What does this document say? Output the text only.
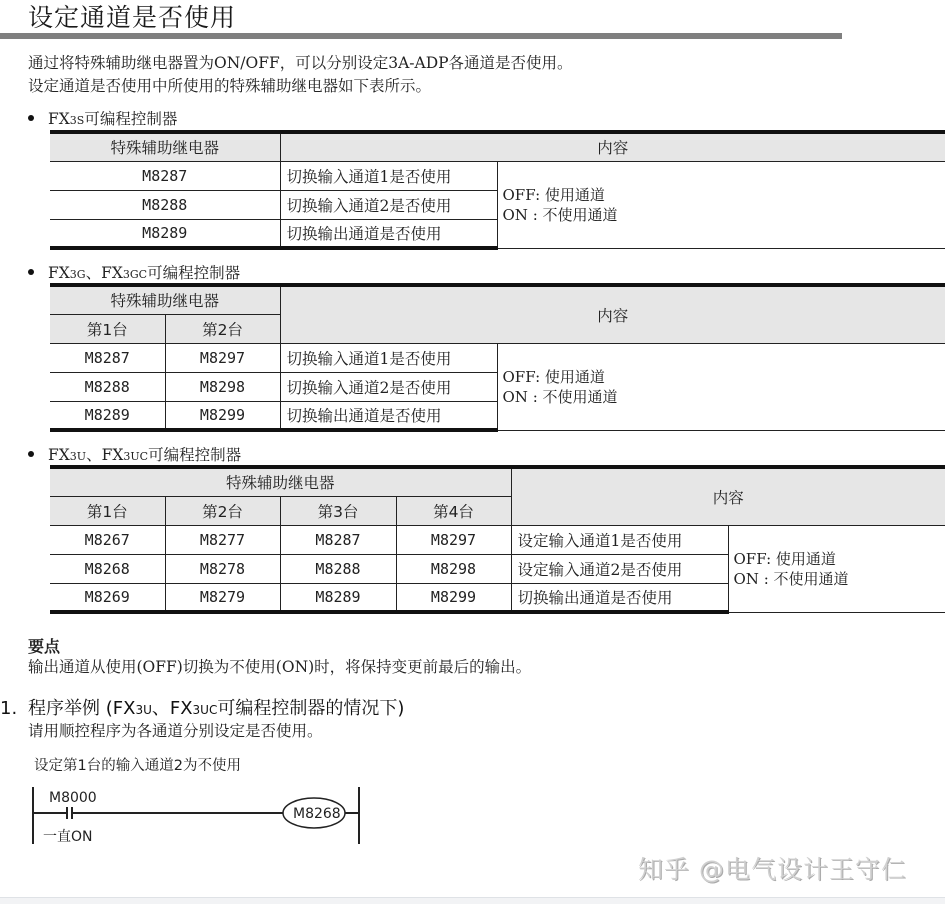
设定通道是否使用
通过将特殊辅助继电器置为ON/OFF，可以分别设定3A-ADP各通道是否使用。
设定通道是否使用中所使用的特殊辅助继电器如下表所示。
FX3S可编程控制器
特殊辅助继电器	内容	
M8287	切换输入通道1是否使用	OFF: 使用通道
ON : 不使用通道

M8288	切换输入通道2是否使用	
M8289	切换输出通道是否使用	
FX3G、FX3GC可编程控制器
特殊辅助继电器		内容	
第1台	第2台		
M8287	M8297	切换输入通道1是否使用	OFF: 使用通道
ON : 不使用通道

M8288	M8298	切换输入通道2是否使用	
M8289	M8299	切换输出通道是否使用	
FX3U、FX3UC可编程控制器
特殊辅助继电器				内容	
第1台	第2台	第3台	第4台		
M8267	M8277	M8287	M8297	设定输入通道1是否使用	OFF: 使用通道
ON : 不使用通道

M8268	M8278	M8288	M8298	设定输入通道2是否使用	
M8269	M8279	M8289	M8299	切换输出通道是否使用	
要点
输出通道从使用(OFF)切换为不使用(ON)时，将保持变更前最后的输出。
1. 程序举例 (FX3U、FX3UC可编程控制器的情况下)
请用顺控程序为各通道分别设定是否使用。
设定第1台的输入通道2为不使用
M8000
一直ON
M8268
知乎 @电气设计王守仁
